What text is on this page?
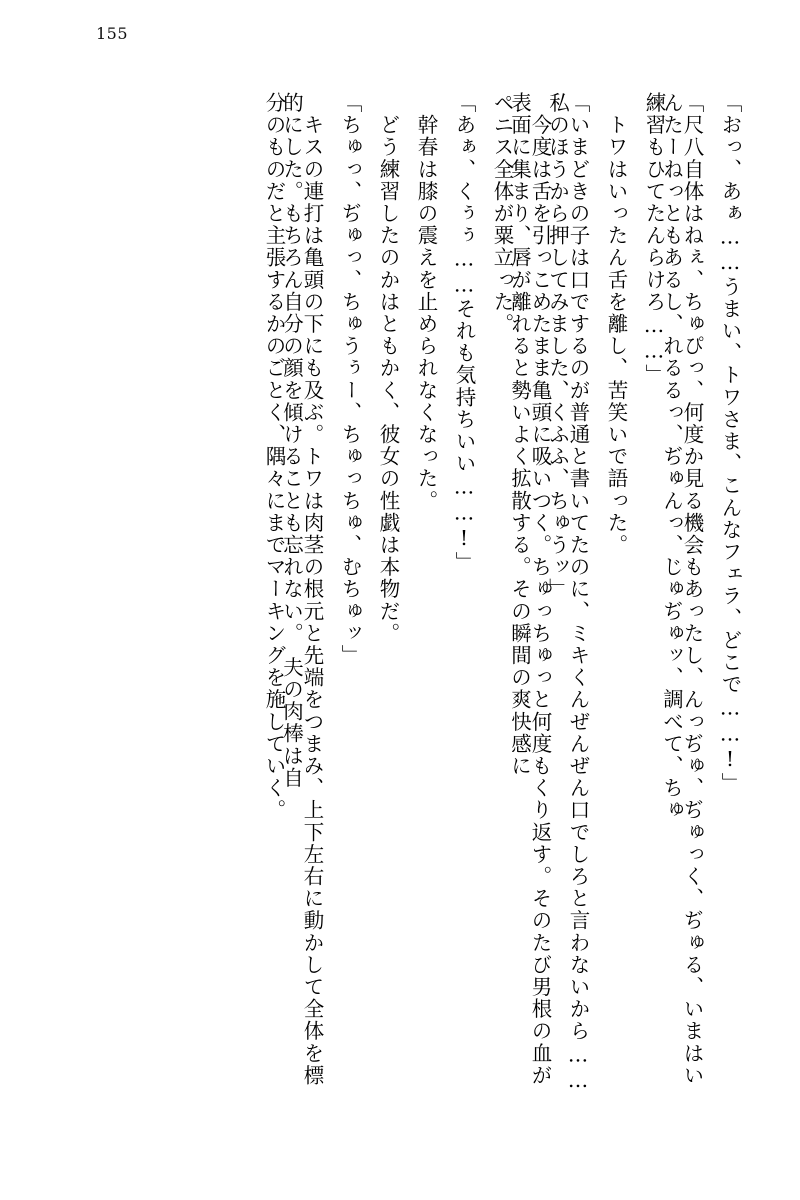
155
「おっ、あぁ……うまい、トワさま、こんなフェラ、どこで……!」
「尺八自体はねぇ、ちゅぴっ、何度か見る機会もあったし、んっぢゅ、ぢゅっく、ぢゅる、いまはいんたーねっともあるし、れるるっ、ぢゅんっ、じゅぢゅッ、調べて、ちゅ
練習もひてたんらけろ……」
　トワはいったん舌を離し、苦笑いで語った。
「いまどきの子は口でするのが普通と書いてたのに、ミキくんぜんぜん口でしろと言わないから……私のほうから押してみました、くふふ、ちゅうッ」
　今度は舌を引っこめたまま亀頭に吸いつく。ちゅっちゅっと何度もくり返す。そのたび男根の血が表面に集まり、唇が離れると勢いよく拡散する。その瞬間の爽快感に
ペニス全体が粟立った。
「あぁ、くぅぅ……それも気持ちいい……!」
　幹春は膝の震えを止められなくなった。
　どう練習したのかはともかく、彼女の性戯は本物だ。
「ちゅっ、ぢゅっ、ちゅうぅー、ちゅっちゅ、むちゅッ」
　キスの連打は亀頭の下にも及ぶ。トワは肉茎の根元と先端をつまみ、上下左右に動かして全体を標的にした。もちろん自分の顔を傾けることも忘れない。　夫の肉棒は自
分のものだと主張するかのごとく、隅々にまでマーキングを施していく。
